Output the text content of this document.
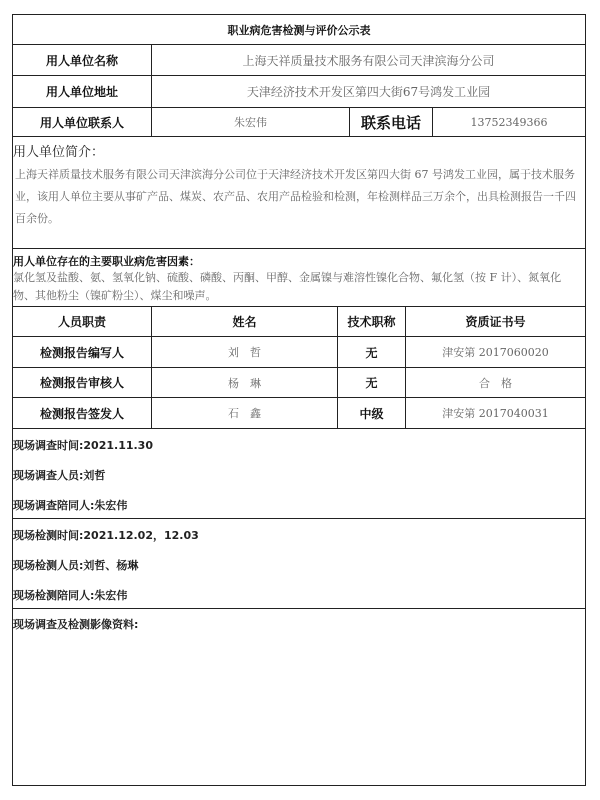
职业病危害检测与评价公示表
用人单位名称	上海天祥质量技术服务有限公司天津滨海分公司
用人单位地址	天津经济技术开发区第四大街67号鸿发工业园
用人单位联系人	朱宏伟	联系电话	13752349366
用人单位简介：
上海天祥质量技术服务有限公司天津滨海分公司位于天津经济技术开发区第四大街 67 号鸿发工业园，属于技术服务业，该用人单位主要从事矿产品、煤炭、农产品、农用产品检验和检测，年检测样品三万余个，出具检测报告一千四百余份。
用人单位存在的主要职业病危害因素：
氯化氢及盐酸、氨、氢氧化钠、硫酸、磷酸、丙酮、甲醇、金属镍与难溶性镍化合物、氟化氢（按 F 计）、氮氧化物、其他粉尘（镍矿粉尘）、煤尘和噪声。
人员职责	姓名	技术职称	资质证书号
检测报告编写人	刘　哲	无	津安第 2017060020
检测报告审核人	杨　琳	无	合　格
检测报告签发人	石　鑫	中级	津安第 2017040031
现场调查时间:2021.11.30
现场调查人员:刘哲
现场调查陪同人:朱宏伟
现场检测时间:2021.12.02，12.03
现场检测人员:刘哲、杨琳
现场检测陪同人:朱宏伟
现场调查及检测影像资料:
